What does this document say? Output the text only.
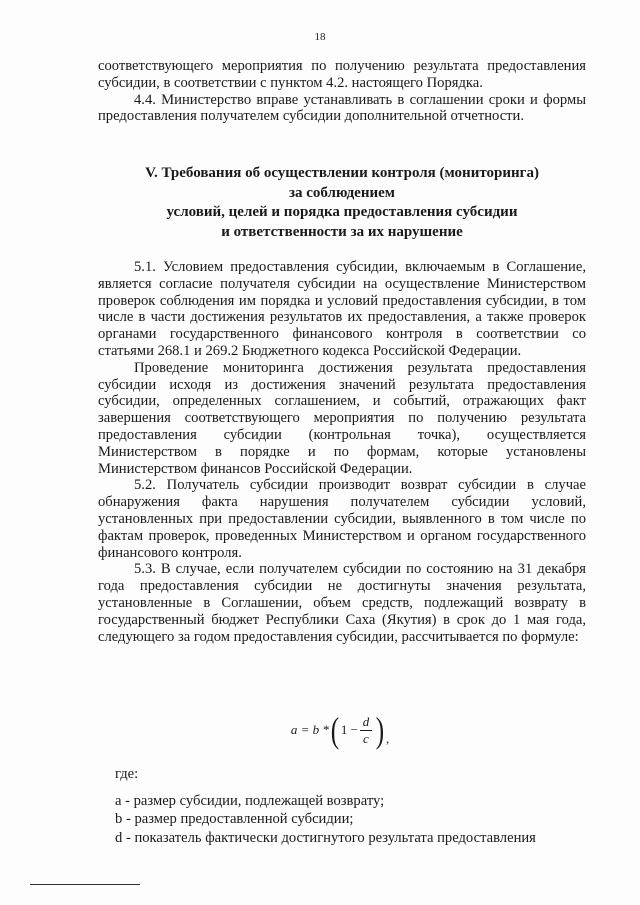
18

соответствующего мероприятия по получению результата предоставления субсидии, в соответствии с пунктом 4.2. настоящего Порядка.

4.4. Министерство вправе устанавливать в соглашении сроки и формы предоставления получателем субсидии дополнительной отчетности.

V. Требования об осуществлении контроля (мониторинга)
за соблюдением
условий, целей и порядка предоставления субсидии
и ответственности за их нарушение

5.1. Условием предоставления субсидии, включаемым в Соглашение, является согласие получателя субсидии на осуществление Министерством проверок соблюдения им порядка и условий предоставления субсидии, в том числе в части достижения результатов их предоставления, а также проверок органами государственного финансового контроля в соответствии со статьями 268.1 и 269.2 Бюджетного кодекса Российской Федерации.

Проведение мониторинга достижения результата предоставления субсидии исходя из достижения значений результата предоставления субсидии, определенных соглашением, и событий, отражающих факт завершения соответствующего мероприятия по получению результата предоставления субсидии (контрольная точка), осуществляется Министерством в порядке и по формам, которые установлены Министерством финансов Российской Федерации.

5.2. Получатель субсидии производит возврат субсидии в случае обнаружения факта нарушения получателем субсидии условий, установленных при предоставлении субсидии, выявленного в том числе по фактам проверок, проведенных Министерством и органом государственного финансового контроля.

5.3. В случае, если получателем субсидии по состоянию на 31 декабря года предоставления субсидии не достигнуты значения результата, установленные в Соглашении, объем средств, подлежащий возврату в государственный бюджет Республики Саха (Якутия) в срок до 1 мая года, следующего за годом предоставления субсидии, рассчитывается по формуле:

a = b * ( $1 - \frac{d}{c}$ ) ,

где:

a - размер субсидии, подлежащей возврату;

b - размер предоставленной субсидии;

d - показатель фактически достигнутого результата предоставления
